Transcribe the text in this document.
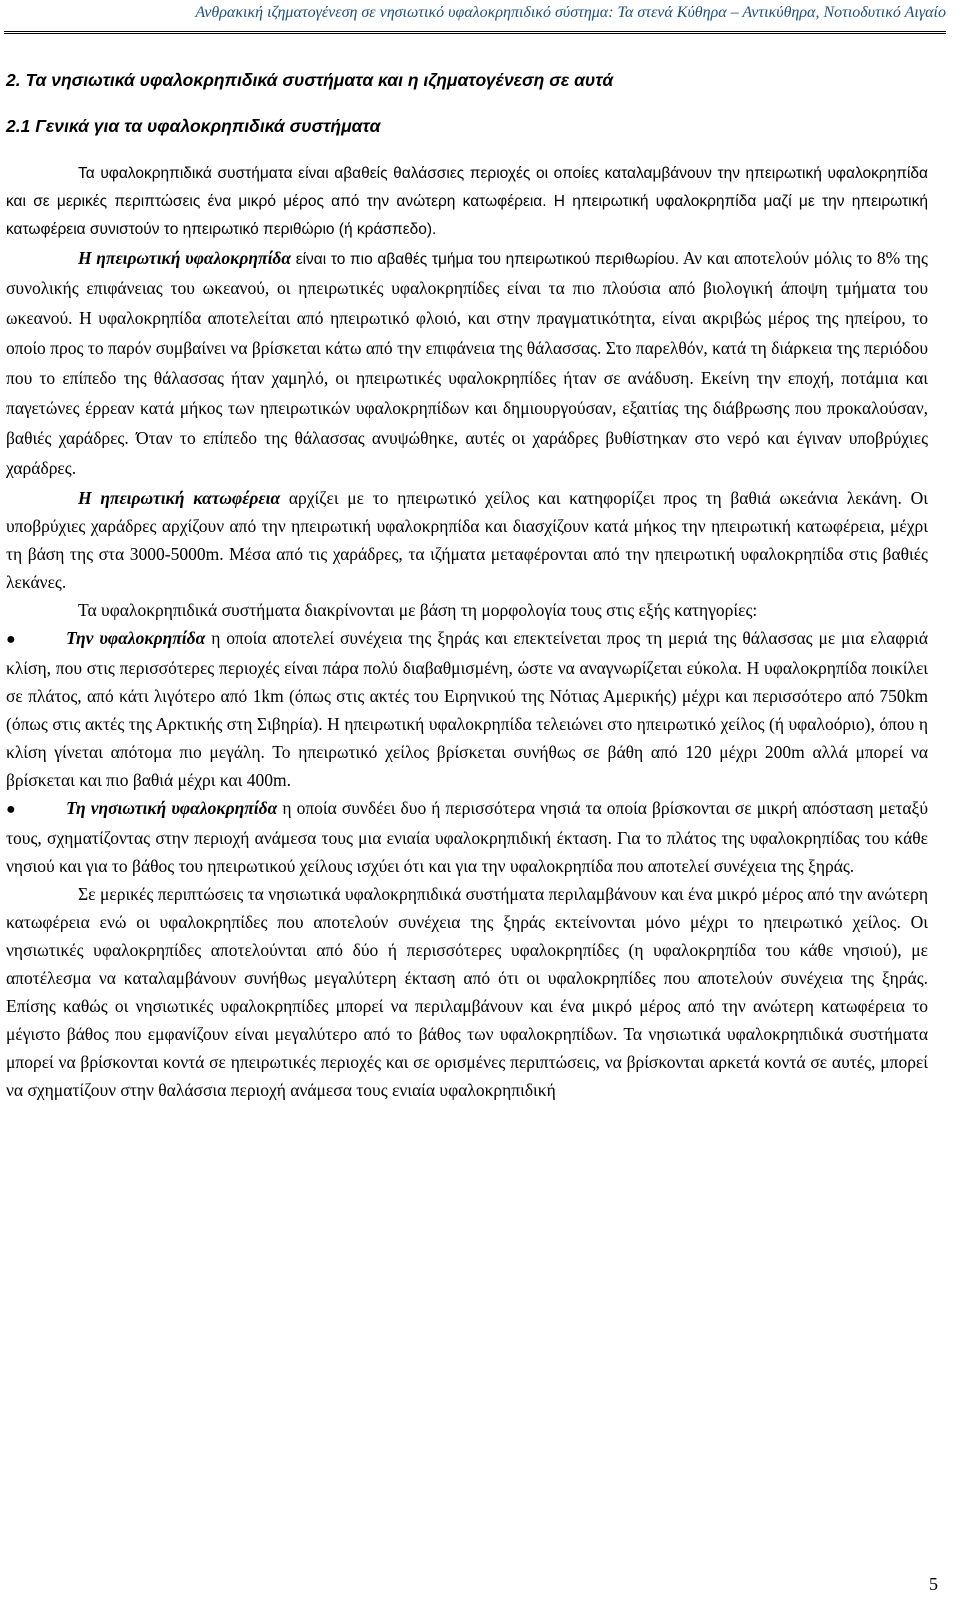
Ανθρακική ιζηματογένεση σε νησιωτικό υφαλοκρηπιδικό σύστημα: Τα στενά Κύθηρα – Αντικύθηρα, Νοτιοδυτικό Αιγαίο
2. Τα νησιωτικά υφαλοκρηπιδικά συστήματα και η ιζηματογένεση σε αυτά
2.1 Γενικά για τα υφαλοκρηπιδικά συστήματα

Τα υφαλοκρηπιδικά συστήματα είναι αβαθείς θαλάσσιες περιοχές οι οποίες καταλαμβάνουν την ηπειρωτική υφαλοκρηπίδα και σε μερικές περιπτώσεις ένα μικρό μέρος από την ανώτερη κατωφέρεια. Η ηπειρωτική υφαλοκρηπίδα μαζί με την ηπειρωτική κατωφέρεια συνιστούν το ηπειρωτικό περιθώριο (ή κράσπεδο).

Η ηπειρωτική υφαλοκρηπίδα είναι το πιο αβαθές τμήμα του ηπειρωτικού περιθωρίου. Αν και αποτελούν μόλις το 8% της συνολικής επιφάνειας του ωκεανού, οι ηπειρωτικές υφαλοκρηπίδες είναι τα πιο πλούσια από βιολογική άποψη τμήματα του ωκεανού. Η υφαλοκρηπίδα αποτελείται από ηπειρωτικό φλοιό, και στην πραγματικότητα, είναι ακριβώς μέρος της ηπείρου, το οποίο προς το παρόν συμβαίνει να βρίσκεται κάτω από την επιφάνεια της θάλασσας. Στο παρελθόν, κατά τη διάρκεια της περιόδου που το επίπεδο της θάλασσας ήταν χαμηλό, οι ηπειρωτικές υφαλοκρηπίδες ήταν σε ανάδυση. Εκείνη την εποχή, ποτάμια και παγετώνες έρρεαν κατά μήκος των ηπειρωτικών υφαλοκρηπίδων και δημιουργούσαν, εξαιτίας της διάβρωσης που προκαλούσαν, βαθιές χαράδρες. Όταν το επίπεδο της θάλασσας ανυψώθηκε, αυτές οι χαράδρες βυθίστηκαν στο νερό και έγιναν υποβρύχιες χαράδρες.

Η ηπειρωτική κατωφέρεια αρχίζει με το ηπειρωτικό χείλος και κατηφορίζει προς τη βαθιά ωκεάνια λεκάνη. Οι υποβρύχιες χαράδρες αρχίζουν από την ηπειρωτική υφαλοκρηπίδα και διασχίζουν κατά μήκος την ηπειρωτική κατωφέρεια, μέχρι τη βάση της στα 3000-5000m. Μέσα από τις χαράδρες, τα ιζήματα μεταφέρονται από την ηπειρωτική υφαλοκρηπίδα στις βαθιές λεκάνες.

Τα υφαλοκρηπιδικά συστήματα διακρίνονται με βάση τη μορφολογία τους στις εξής κατηγορίες:

●	Την υφαλοκρηπίδα η οποία αποτελεί συνέχεια της ξηράς και επεκτείνεται προς τη μεριά της θάλασσας με μια ελαφριά κλίση, που στις περισσότερες περιοχές είναι πάρα πολύ διαβαθμισμένη, ώστε να αναγνωρίζεται εύκολα. Η υφαλοκρηπίδα ποικίλει σε πλάτος, από κάτι λιγότερο από 1km (όπως στις ακτές του Ειρηνικού της Νότιας Αμερικής) μέχρι και περισσότερο από 750km (όπως στις ακτές της Αρκτικής στη Σιβηρία). Η ηπειρωτική υφαλοκρηπίδα τελειώνει στο ηπειρωτικό χείλος (ή υφαλοόριο), όπου η κλίση γίνεται απότομα πιο μεγάλη. Το ηπειρωτικό χείλος βρίσκεται συνήθως σε βάθη από 120 μέχρι 200m αλλά μπορεί να βρίσκεται και πιο βαθιά μέχρι και 400m.

●	Τη νησιωτική υφαλοκρηπίδα η οποία συνδέει δυο ή περισσότερα νησιά τα οποία βρίσκονται σε μικρή απόσταση μεταξύ τους, σχηματίζοντας στην περιοχή ανάμεσα τους μια ενιαία υφαλοκρηπιδική έκταση. Για το πλάτος της υφαλοκρηπίδας του κάθε νησιού και για το βάθος του ηπειρωτικού χείλους ισχύει ότι και για την υφαλοκρηπίδα που αποτελεί συνέχεια της ξηράς.

Σε μερικές περιπτώσεις τα νησιωτικά υφαλοκρηπιδικά συστήματα περιλαμβάνουν και ένα μικρό μέρος από την ανώτερη κατωφέρεια ενώ οι υφαλοκρηπίδες που αποτελούν συνέχεια της ξηράς εκτείνονται μόνο μέχρι το ηπειρωτικό χείλος. Οι νησιωτικές υφαλοκρηπίδες αποτελούνται από δύο ή περισσότερες υφαλοκρηπίδες (η υφαλοκρηπίδα του κάθε νησιού), με αποτέλεσμα να καταλαμβάνουν συνήθως μεγαλύτερη έκταση από ότι οι υφαλοκρηπίδες που αποτελούν συνέχεια της ξηράς. Επίσης καθώς οι νησιωτικές υφαλοκρηπίδες μπορεί να περιλαμβάνουν και ένα μικρό μέρος από την ανώτερη κατωφέρεια το μέγιστο βάθος που εμφανίζουν είναι μεγαλύτερο από το βάθος των υφαλοκρηπίδων. Τα νησιωτικά υφαλοκρηπιδικά συστήματα μπορεί να βρίσκονται κοντά σε ηπειρωτικές περιοχές και σε ορισμένες περιπτώσεις, να βρίσκονται αρκετά κοντά σε αυτές, μπορεί να σχηματίζουν στην θαλάσσια περιοχή ανάμεσα τους ενιαία υφαλοκρηπιδική

5
